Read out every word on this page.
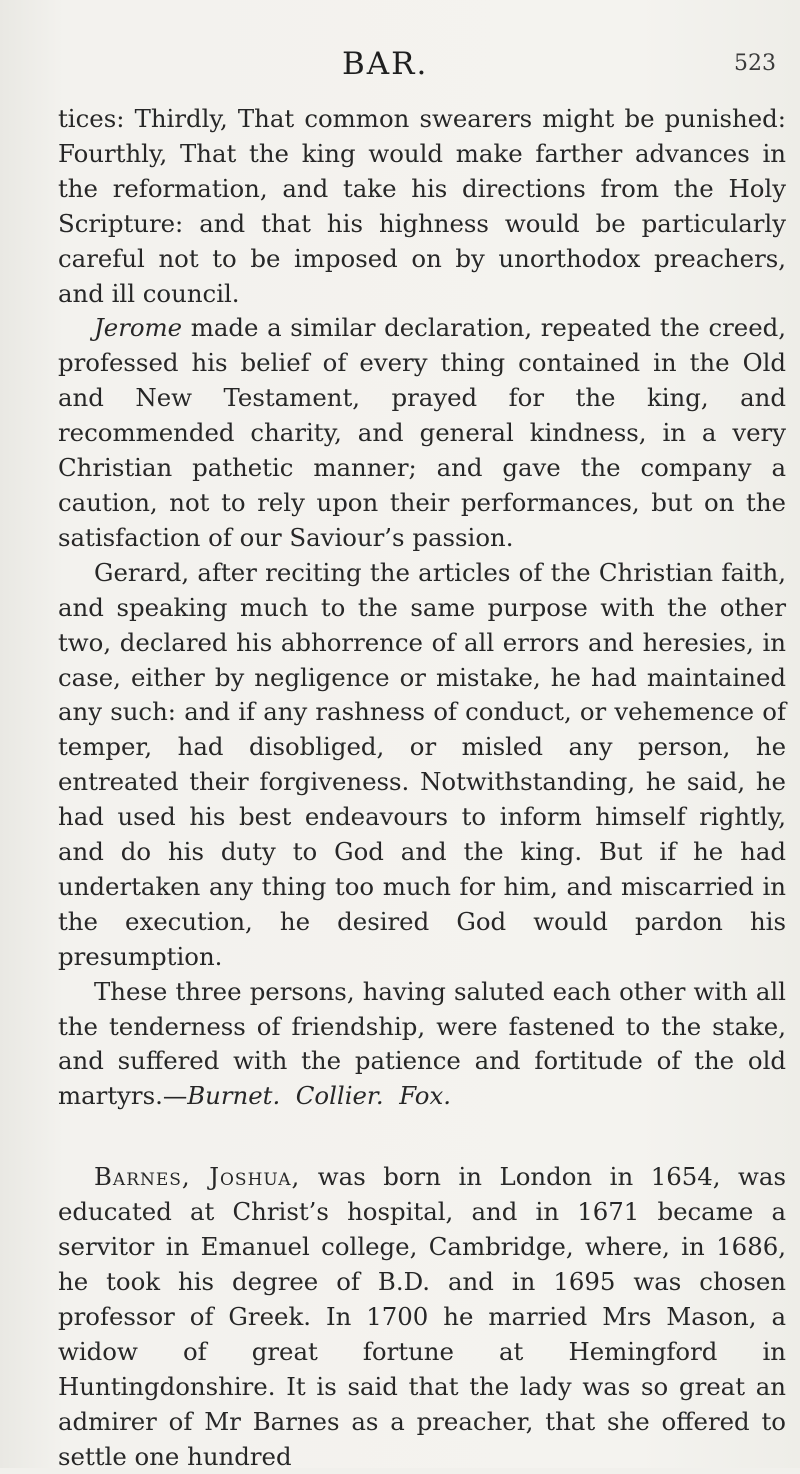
BAR.	523

tices: Thirdly, That common swearers might be punished: Fourthly, That the king would make farther advances in the reformation, and take his directions from the Holy Scripture: and that his highness would be particularly careful not to be imposed on by unorthodox preachers, and ill council.

Jerome made a similar declaration, repeated the creed, professed his belief of every thing contained in the Old and New Testament, prayed for the king, and recommended charity, and general kindness, in a very Christian pathetic manner; and gave the company a caution, not to rely upon their performances, but on the satisfaction of our Saviour’s passion.

Gerard, after reciting the articles of the Christian faith, and speaking much to the same purpose with the other two, declared his abhorrence of all errors and heresies, in case, either by negligence or mistake, he had maintained any such: and if any rashness of conduct, or vehemence of temper, had disobliged, or misled any person, he entreated their forgiveness. Notwithstanding, he said, he had used his best endeavours to inform himself rightly, and do his duty to God and the king. But if he had undertaken any thing too much for him, and miscarried in the execution, he desired God would pardon his presumption.

These three persons, having saluted each other with all the tenderness of friendship, were fastened to the stake, and suffered with the patience and fortitude of the old martyrs.—Burnet. Collier. Fox.

Barnes, Joshua, was born in London in 1654, was educated at Christ’s hospital, and in 1671 became a servitor in Emanuel college, Cambridge, where, in 1686, he took his degree of B.D. and in 1695 was chosen professor of Greek. In 1700 he married Mrs Mason, a widow of great fortune at Hemingford in Huntingdonshire. It is said that the lady was so great an admirer of Mr Barnes as a preacher, that she offered to settle one hundred
